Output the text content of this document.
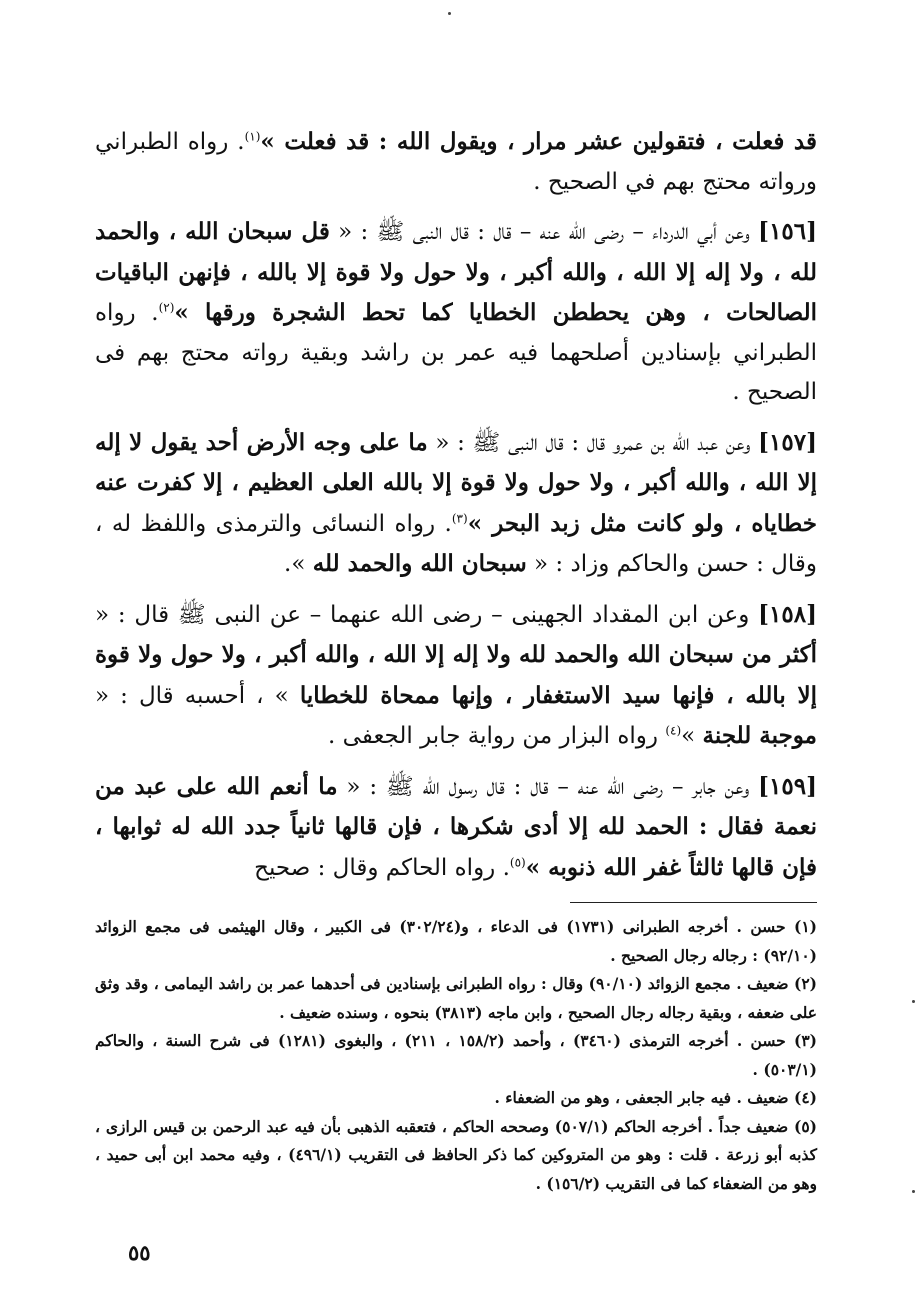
قد فعلت ، فتقولين عشر مرار ، ويقول الله : قد فعلت »$^{(١)}$. رواه الطبراني ورواته محتج بهم في الصحيح .

[١٥٦] وعن أبي الدرداء – رضى الله عنه – قال : قال النبى ﷺ : « قل سبحان الله ، والحمد لله ، ولا إله إلا الله ، والله أكبر ، ولا حول ولا قوة إلا بالله ، فإنهن الباقيات الصالحات ، وهن يحططن الخطايا كما تحط الشجرة ورقها »$^{(٢)}$. رواه الطبراني بإسنادين أصلحهما فيه عمر بن راشد وبقية رواته محتج بهم فى الصحيح .

[١٥٧] وعن عبد الله بن عمرو قال : قال النبى ﷺ : « ما على وجه الأرض أحد يقول لا إله إلا الله ، والله أكبر ، ولا حول ولا قوة إلا بالله العلى العظيم ، إلا كفرت عنه خطاياه ، ولو كانت مثل زبد البحر »$^{(٣)}$. رواه النسائى والترمذى واللفظ له ، وقال : حسن والحاكم وزاد : « سبحان الله والحمد لله ».

[١٥٨] وعن ابن المقداد الجهينى – رضى الله عنهما – عن النبى ﷺ قال : « أكثر من سبحان الله والحمد لله ولا إله إلا الله ، والله أكبر ، ولا حول ولا قوة إلا بالله ، فإنها سيد الاستغفار ، وإنها ممحاة للخطايا » ، أحسبه قال : « موجبة للجنة »$^{(٤)}$ رواه البزار من رواية جابر الجعفى .

[١٥٩] وعن جابر – رضى الله عنه – قال : قال رسول الله ﷺ : « ما أنعم الله على عبد من نعمة فقال : الحمد لله إلا أدى شكرها ، فإن قالها ثانياً جدد الله له ثوابها ، فإن قالها ثالثاً غفر الله ذنوبه »$^{(٥)}$. رواه الحاكم وقال : صحيح

(١) حسن . أخرجه الطبرانى (١٧٣١) فى الدعاء ، و(٣٠٢/٢٤) فى الكبير ، وقال الهيثمى فى مجمع الزوائد (٩٢/١٠) : رجاله رجال الصحيح .

(٢) ضعيف . مجمع الزوائد (٩٠/١٠) وقال : رواه الطبرانى بإسنادين فى أحدهما عمر بن راشد اليمامى ، وقد وثق على ضعفه ، وبقية رجاله رجال الصحيح ، وابن ماجه (٣٨١٣) بنحوه ، وسنده ضعيف .

(٣) حسن . أخرجه الترمذى (٣٤٦٠) ، وأحمد (١٥٨/٢ ، ٢١١) ، والبغوى (١٢٨١) فى شرح السنة ، والحاكم (٥٠٣/١) .

(٤) ضعيف . فيه جابر الجعفى ، وهو من الضعفاء .

(٥) ضعيف جداً . أخرجه الحاكم (٥٠٧/١) وصححه الحاكم ، فتعقبه الذهبى بأن فيه عبد الرحمن بن قيس الرازى ، كذبه أبو زرعة . قلت : وهو من المتروكين كما ذكر الحافظ فى التقريب (٤٩٦/١) ، وفيه محمد ابن أبى حميد ، وهو من الضعفاء كما فى التقريب (١٥٦/٢) .

٥٥
